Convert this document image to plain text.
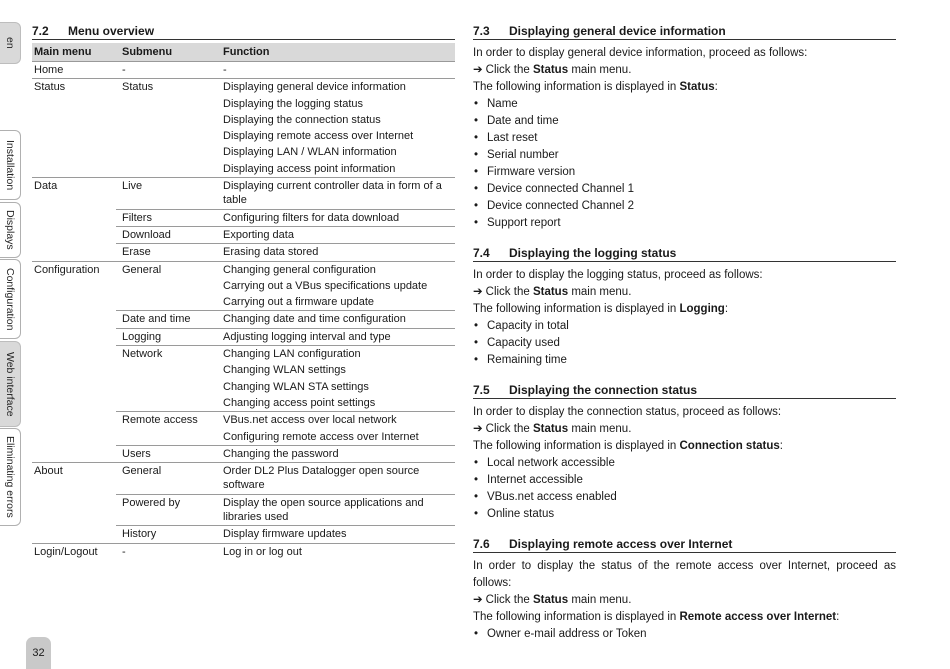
en
Installation
Displays
Configuration
Web interface
Eliminating errors
32
7.2	Menu overview
Main menu	Submenu	Function
Home	-	-
Status	Status	Displaying general device information
		Displaying the logging status
		Displaying the connection status
		Displaying remote access over Internet
		Displaying LAN / WLAN information
		Displaying access point information
Data	Live	Displaying current controller data in form of a table
	Filters	Configuring filters for data download
	Download	Exporting data
	Erase	Erasing data stored
Configuration	General	Changing general configuration
		Carrying out a VBus specifications update
		Carrying out a firmware update
	Date and time	Changing date and time configuration
	Logging	Adjusting logging interval and type
	Network	Changing LAN configuration
		Changing WLAN settings
		Changing WLAN STA settings
		Changing access point settings
	Remote access	VBus.net access over local network
		Configuring remote access over Internet
	Users	Changing the password
About	General	Order DL2 Plus Datalogger open source software
	Powered by	Display the open source applications and libraries used
	History	Display firmware updates
Login/Logout	-	Log in or log out
7.3	Displaying general device information

In order to display general device information, proceed as follows:

➔ Click the Status main menu.

The following information is displayed in Status:

• Name
• Date and time
• Last reset
• Serial number
• Firmware version
• Device connected Channel 1
• Device connected Channel 2
• Support report
7.4	Displaying the logging status

In order to display the logging status, proceed as follows:

➔ Click the Status main menu.

The following information is displayed in Logging:

• Capacity in total
• Capacity used
• Remaining time
7.5	Displaying the connection status

In order to display the connection status, proceed as follows:

➔ Click the Status main menu.

The following information is displayed in Connection status:

• Local network accessible
• Internet accessible
• VBus.net access enabled
• Online status
7.6	Displaying remote access over Internet

In order to display the status of the remote access over Internet, proceed as follows:

➔ Click the Status main menu.

The following information is displayed in Remote access over Internet:

• Owner e-mail address or Token
